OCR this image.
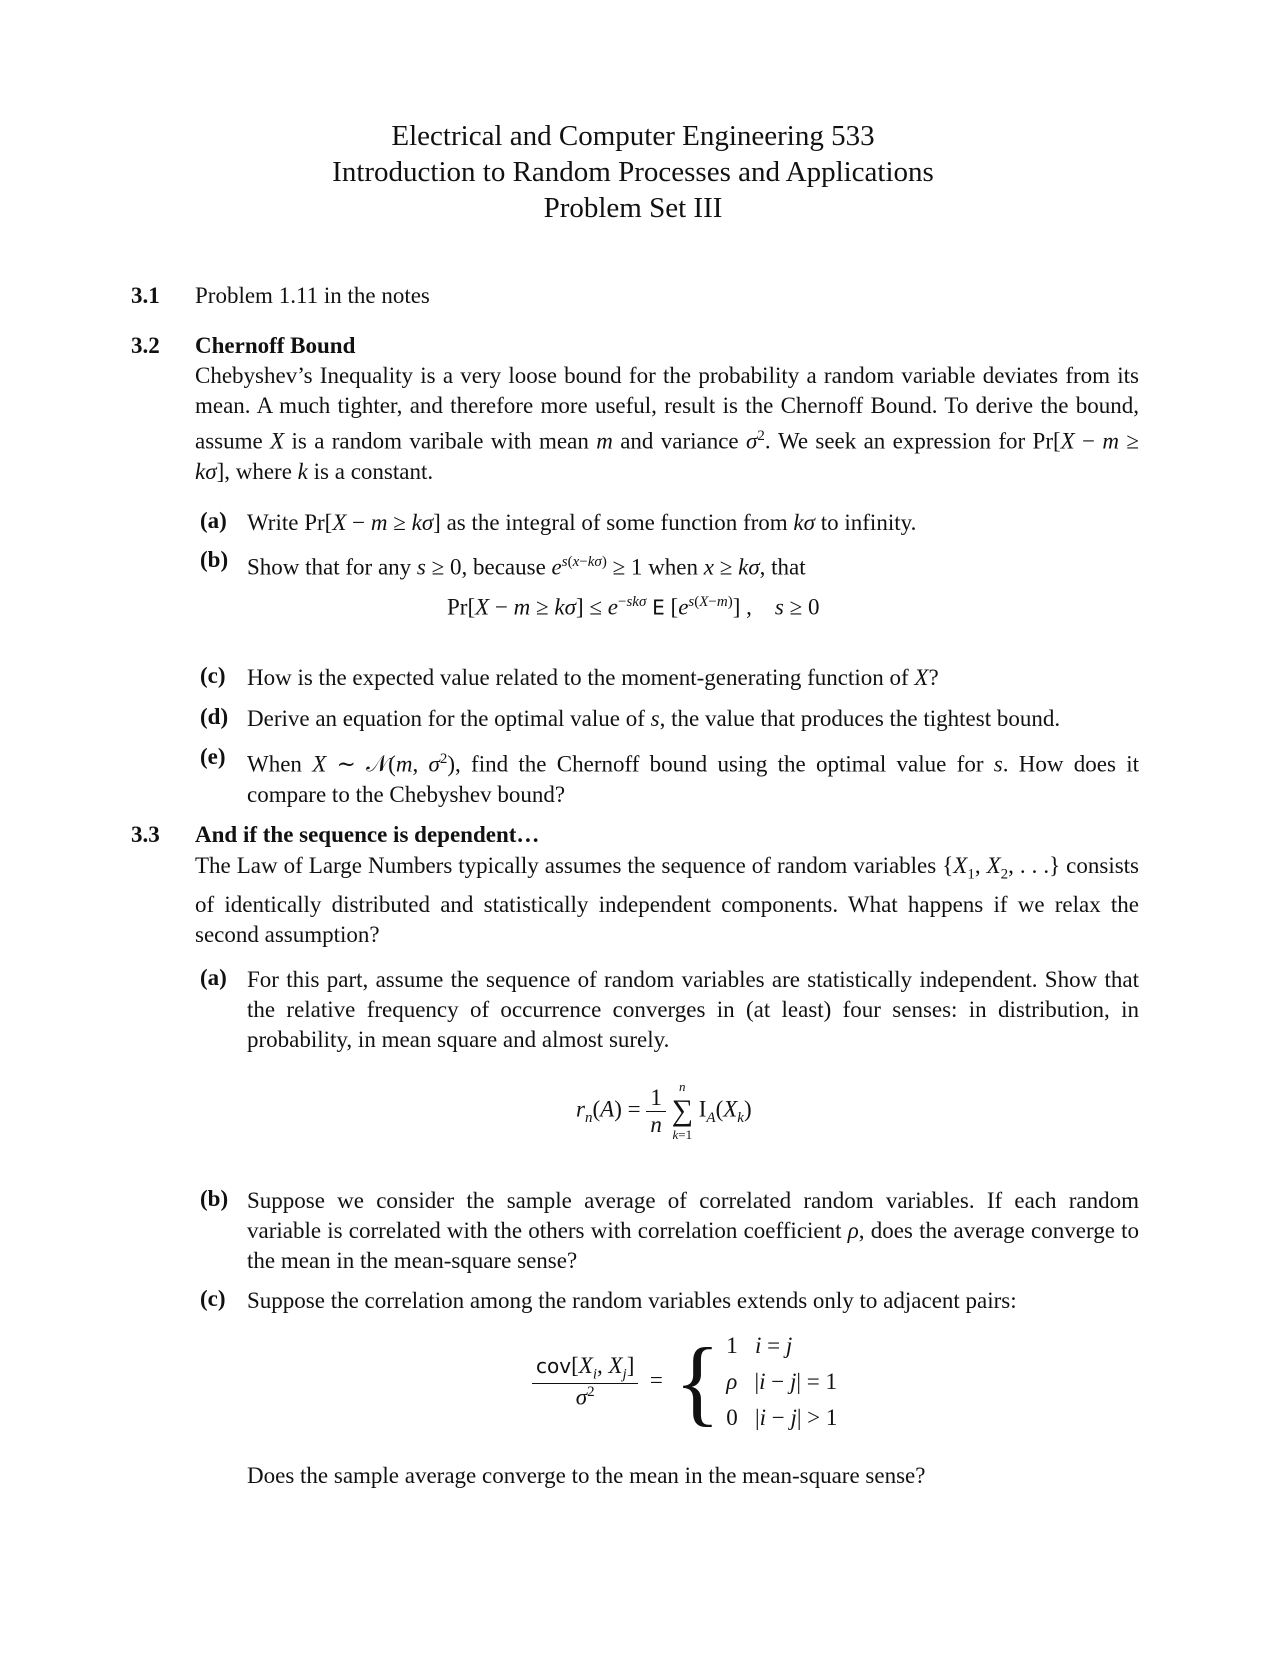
Electrical and Computer Engineering 533
Introduction to Random Processes and Applications
Problem Set III
3.1 Problem 1.11 in the notes
3.2 Chernoff Bound
Chebyshev’s Inequality is a very loose bound for the probability a random variable deviates from its mean. A much tighter, and therefore more useful, result is the Chernoff Bound. To derive the bound, assume X is a random varibale with mean m and variance $\sigma^2$. We seek an expression for Pr[X − m ≥ kσ], where k is a constant.
(a) Write Pr[X − m ≥ kσ] as the integral of some function from kσ to infinity.
(b) Show that for any s ≥ 0, because $e^{s(x-k\sigma)} \ge 1$ when x ≥ kσ, that
$Pr[X - m \ge k\sigma] \le e^{-sk\sigma}$ E $[e^{s(X-m)}]$ ,    s ≥ 0
(c) How is the expected value related to the moment-generating function of X?
(d) Derive an equation for the optimal value of s, the value that produces the tightest bound.
(e) When X ∼ 𝒩(m, $\sigma^2$), find the Chernoff bound using the optimal value for s. How does it compare to the Chebyshev bound?
3.3 And if the sequence is dependent…
The Law of Large Numbers typically assumes the sequence of random variables {$X_1$, $X_2$, . . .} consists of identically distributed and statistically independent components. What happens if we relax the second assumption?
(a) For this part, assume the sequence of random variables are statistically independent. Show that the relative frequency of occurrence converges in (at least) four senses: in distribution, in probability, in mean square and almost surely.
$r_n(A) = \frac{1}{n}$
	n
∑
k=1
$I_A(X_k)$
(b) Suppose we consider the sample average of correlated random variables. If each random variable is correlated with the others with correlation coefficient ρ, does the average converge to the mean in the mean-square sense?
(c) Suppose the correlation among the random variables extends only to adjacent pairs:
$\frac{cov[X_i, X_j]}{\sigma^2}$ =  { 1   i = j
ρ   |i − j| = 1
0   |i − j| > 1
Does the sample average converge to the mean in the mean-square sense?
